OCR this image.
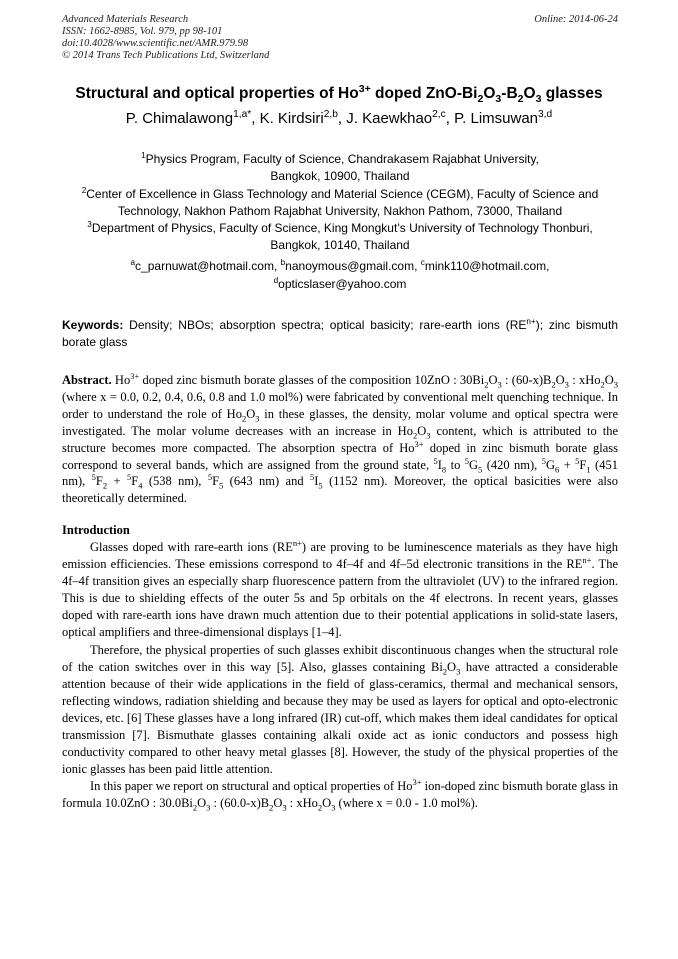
Advanced Materials Research
ISSN: 1662-8985, Vol. 979, pp 98-101
doi:10.4028/www.scientific.net/AMR.979.98
© 2014 Trans Tech Publications Ltd, Switzerland
Online: 2014-06-24
Structural and optical properties of $Ho^{3+}$ doped ZnO-$Bi_2O_3-B_2O_3$ glasses
P. Chimalawong$^{1,a*}$, K. Kirdsiri$^{2,b}$, J. Kaewkhao$^{2,c}$, P. Limsuwan$^{3,d}$
$^1$Physics Program, Faculty of Science, Chandrakasem Rajabhat University,
Bangkok, 10900, Thailand
$^2$Center of Excellence in Glass Technology and Material Science (CEGM), Faculty of Science and
Technology, Nakhon Pathom Rajabhat University, Nakhon Pathom, 73000, Thailand
$^3$Department of Physics, Faculty of Science, King Mongkut’s University of Technology Thonburi,
Bangkok, 10140, Thailand
$^a$c_parnuwat@hotmail.com, $^b$nanoymous@gmail.com, $^c$mink110@hotmail.com,
$^d$opticslaser@yahoo.com
Keywords: Density; NBOs; absorption spectra; optical basicity; rare-earth ions $(RE^{n+})$; zinc bismuth borate glass
Abstract. $Ho^{3+}$ doped zinc bismuth borate glasses of the composition 10ZnO : $30Bi_2O_3$ : $(60-x)B_2O_3$ : $xHo_2O_3$ (where x = 0.0, 0.2, 0.4, 0.6, 0.8 and 1.0 mol%) were fabricated by conventional melt quenching technique. In order to understand the role of $Ho_2O_3$ in these glasses, the density, molar volume and optical spectra were investigated. The molar volume decreases with an increase in $Ho_2O_3$ content, which is attributed to the structure becomes more compacted. The absorption spectra of $Ho^{3+}$ doped in zinc bismuth borate glass correspond to several bands, which are assigned from the ground state, $^5I_8$ to $^5G_5$ (420 nm), $^5G_6 + ^5F_1$ (451 nm), $^5F_2 + ^5F_4$ (538 nm), $^5F_5$ (643 nm) and $^5I_5$ (1152 nm). Moreover, the optical basicities were also theoretically determined.
Introduction

Glasses doped with rare-earth ions $(RE^{n+})$ are proving to be luminescence materials as they have high emission efficiencies. These emissions correspond to 4f–4f and 4f–5d electronic transitions in the $RE^{n+}$. The 4f–4f transition gives an especially sharp fluorescence pattern from the ultraviolet (UV) to the infrared region. This is due to shielding effects of the outer 5s and 5p orbitals on the 4f electrons. In recent years, glasses doped with rare-earth ions have drawn much attention due to their potential applications in solid-state lasers, optical amplifiers and three-dimensional displays [1–4].

Therefore, the physical properties of such glasses exhibit discontinuous changes when the structural role of the cation switches over in this way [5]. Also, glasses containing $Bi_2O_3$ have attracted a considerable attention because of their wide applications in the field of glass-ceramics, thermal and mechanical sensors, reflecting windows, radiation shielding and because they may be used as layers for optical and opto-electronic devices, etc. [6] These glasses have a long infrared (IR) cut-off, which makes them ideal candidates for optical transmission [7]. Bismuthate glasses containing alkali oxide act as ionic conductors and possess high conductivity compared to other heavy metal glasses [8]. However, the study of the physical properties of the ionic glasses has been paid little attention.

In this paper we report on structural and optical properties of $Ho^{3+}$ ion-doped zinc bismuth borate glass in formula 10.0ZnO : $30.0Bi_2O_3$ : $(60.0-x)B_2O_3$ : $xHo_2O_3$ (where x = 0.0 - 1.0 mol%).
